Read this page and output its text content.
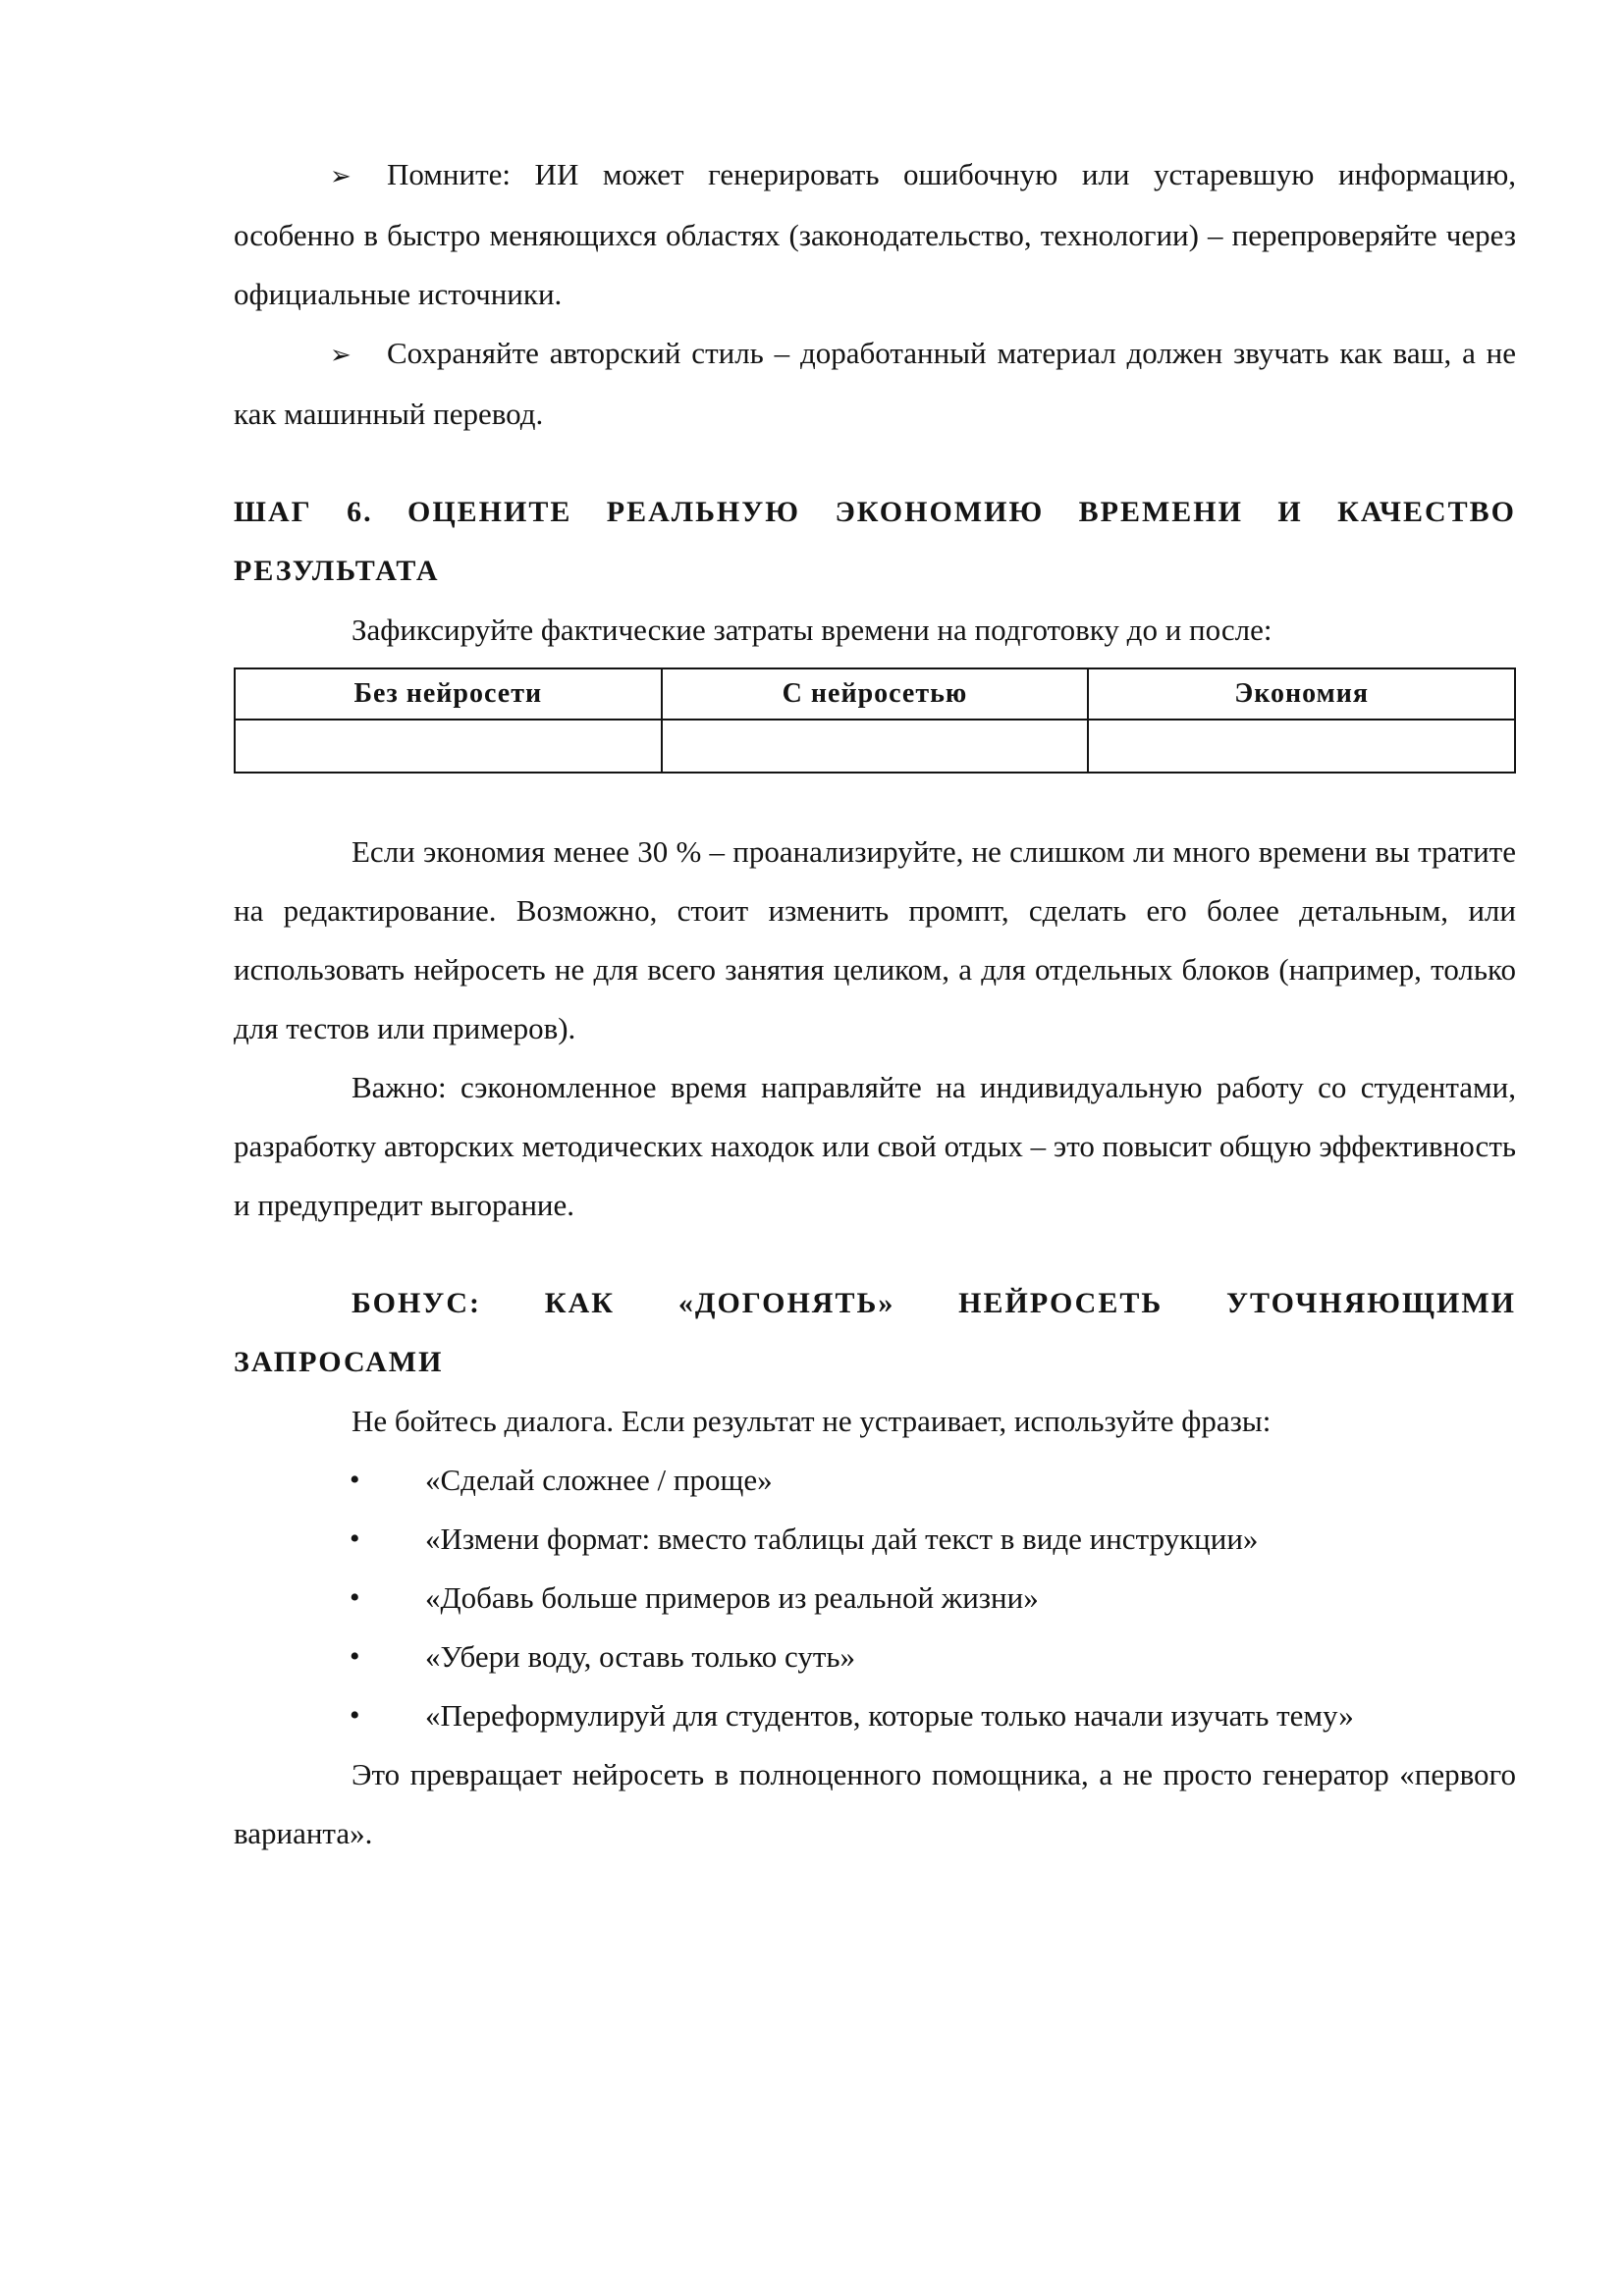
➢ Помните: ИИ может генерировать ошибочную или устаревшую информацию, особенно в быстро меняющихся областях (законодательство, технологии) – перепроверяйте через официальные источники.

➢ Сохраняйте авторский стиль – доработанный материал должен звучать как ваш, а не как машинный перевод.

ШАГ 6. ОЦЕНИТЕ РЕАЛЬНУЮ ЭКОНОМИЮ ВРЕМЕНИ И КАЧЕСТВО РЕЗУЛЬТАТА

Зафиксируйте фактические затраты времени на подготовку до и после:

Без нейросети	С нейросетью	Экономия

Если экономия менее 30 % – проанализируйте, не слишком ли много времени вы тратите на редактирование. Возможно, стоит изменить промпт, сделать его более детальным, или использовать нейросеть не для всего занятия целиком, а для отдельных блоков (например, только для тестов или примеров).

Важно: сэкономленное время направляйте на индивидуальную работу со студентами, разработку авторских методических находок или свой отдых – это повысит общую эффективность и предупредит выгорание.

БОНУС: КАК «ДОГОНЯТЬ» НЕЙРОСЕТЬ УТОЧНЯЮЩИМИ ЗАПРОСАМИ

Не бойтесь диалога. Если результат не устраивает, используйте фразы:

• «Сделай сложнее / проще»
• «Измени формат: вместо таблицы дай текст в виде инструкции»
• «Добавь больше примеров из реальной жизни»
• «Убери воду, оставь только суть»
• «Переформулируй для студентов, которые только начали изучать тему»

Это превращает нейросеть в полноценного помощника, а не просто генератор «первого варианта».
